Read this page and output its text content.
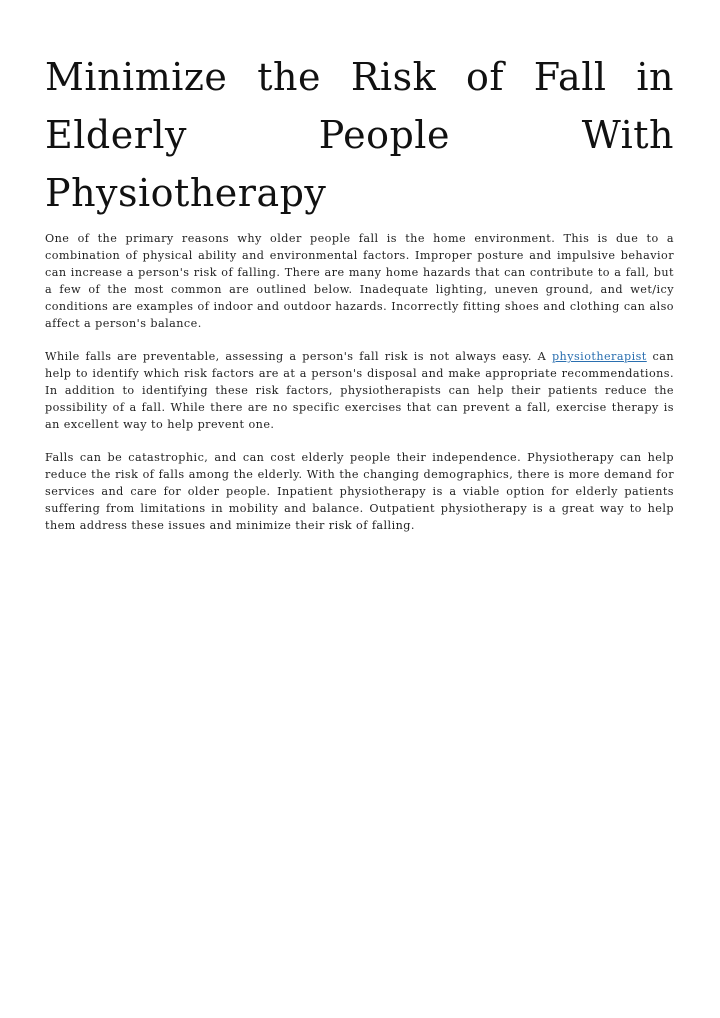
Minimize the Risk of Fall in Elderly People With Physiotherapy

One of the primary reasons why older people fall is the home environment. This is due to a combination of physical ability and environmental factors. Improper posture and impulsive behavior can increase a person's risk of falling. There are many home hazards that can contribute to a fall, but a few of the most common are outlined below. Inadequate lighting, uneven ground, and wet/icy conditions are examples of indoor and outdoor hazards. Incorrectly fitting shoes and clothing can also affect a person's balance.

While falls are preventable, assessing a person's fall risk is not always easy. A physiotherapist can help to identify which risk factors are at a person's disposal and make appropriate recommendations. In addition to identifying these risk factors, physiotherapists can help their patients reduce the possibility of a fall. While there are no specific exercises that can prevent a fall, exercise therapy is an excellent way to help prevent one.

Falls can be catastrophic, and can cost elderly people their independence. Physiotherapy can help reduce the risk of falls among the elderly. With the changing demographics, there is more demand for services and care for older people. Inpatient physiotherapy is a viable option for elderly patients suffering from limitations in mobility and balance. Outpatient physiotherapy is a great way to help them address these issues and minimize their risk of falling.
